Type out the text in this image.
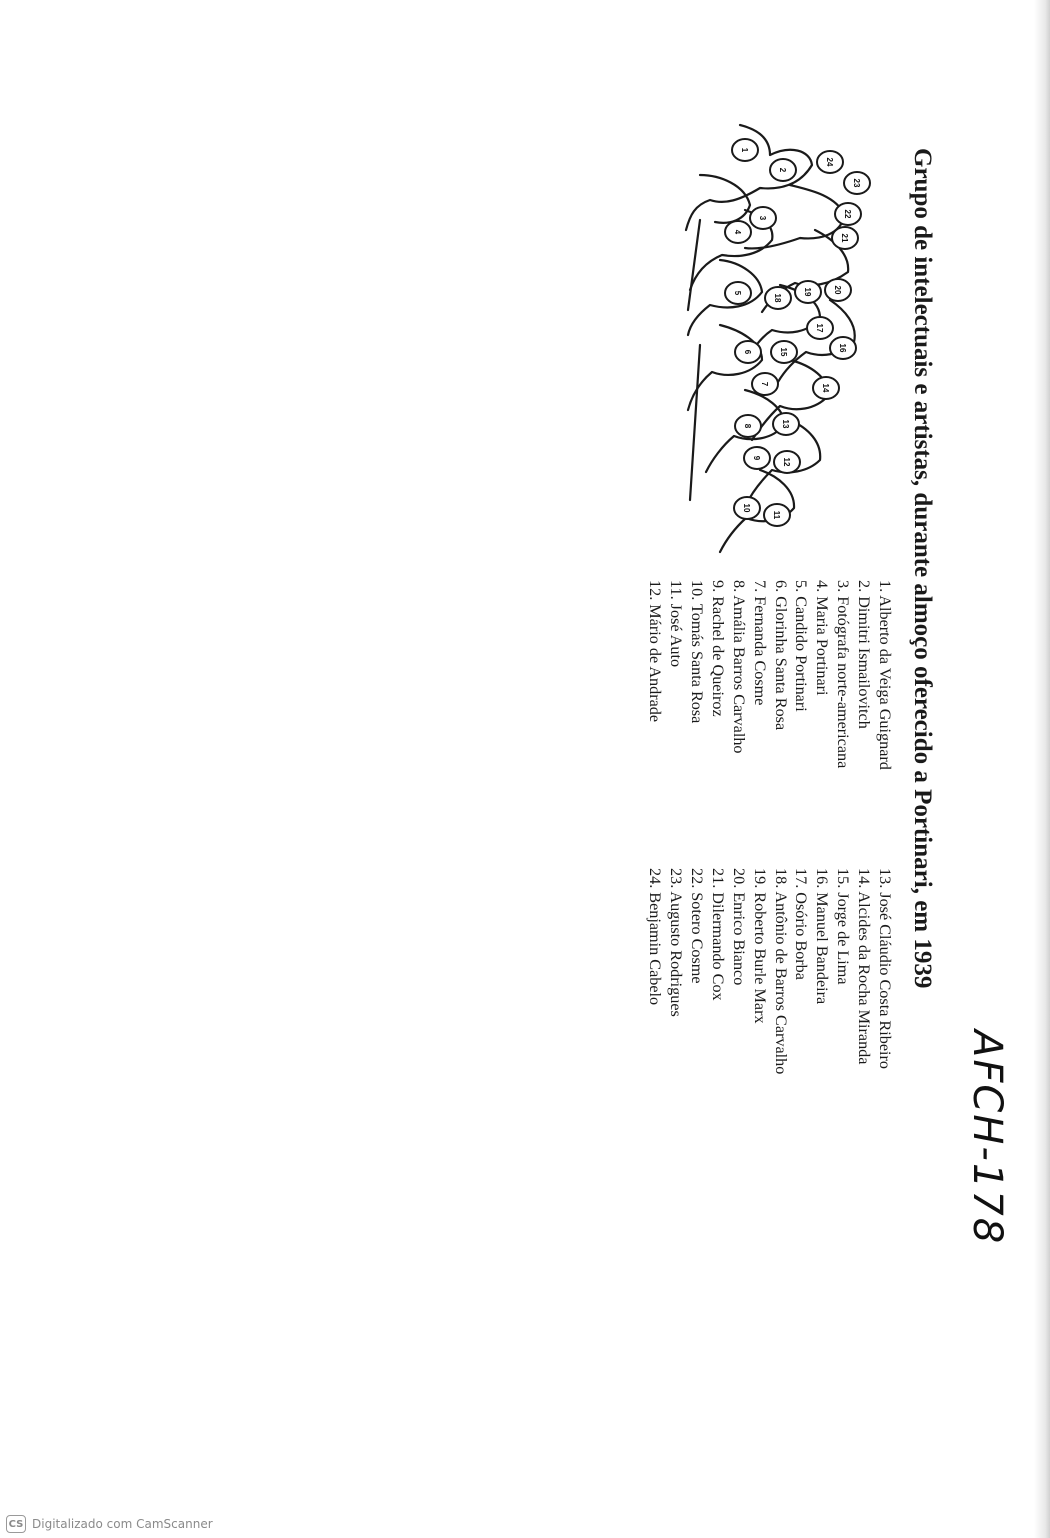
Grupo de intelectuais e artistas, durante almoço oferecido a Portinari, em 1939
1. Alberto da Veiga Guignard
2. Dimitri Ismailovitch
3. Fotógrafa norte-americana
4. Maria Portinari
5. Candido Portinari
6. Glorinha Santa Rosa
7. Fernanda Cosme
8. Amália Barros Carvalho
9. Rachel de Queiroz
10. Tomás Santa Rosa
11. José Auto
12. Mário de Andrade
13. José Cláudio Costa Ribeiro
14. Alcides da Rocha Miranda
15. Jorge de Lima
16. Manuel Bandeira
17. Osório Borba
18. Antônio de Barros Carvalho
19. Roberto Burle Marx
20. Enrico Bianco
21. Dilermando Cox
22. Sotero Cosme
23. Augusto Rodrigues
24. Benjamin Cabelo
AFCH-178
1
2
3
4
5
6
7
8
9
10
11
12
13
14
15	16
17
18
19	20
21
22
23
24
CS Digitalizado com CamScanner
